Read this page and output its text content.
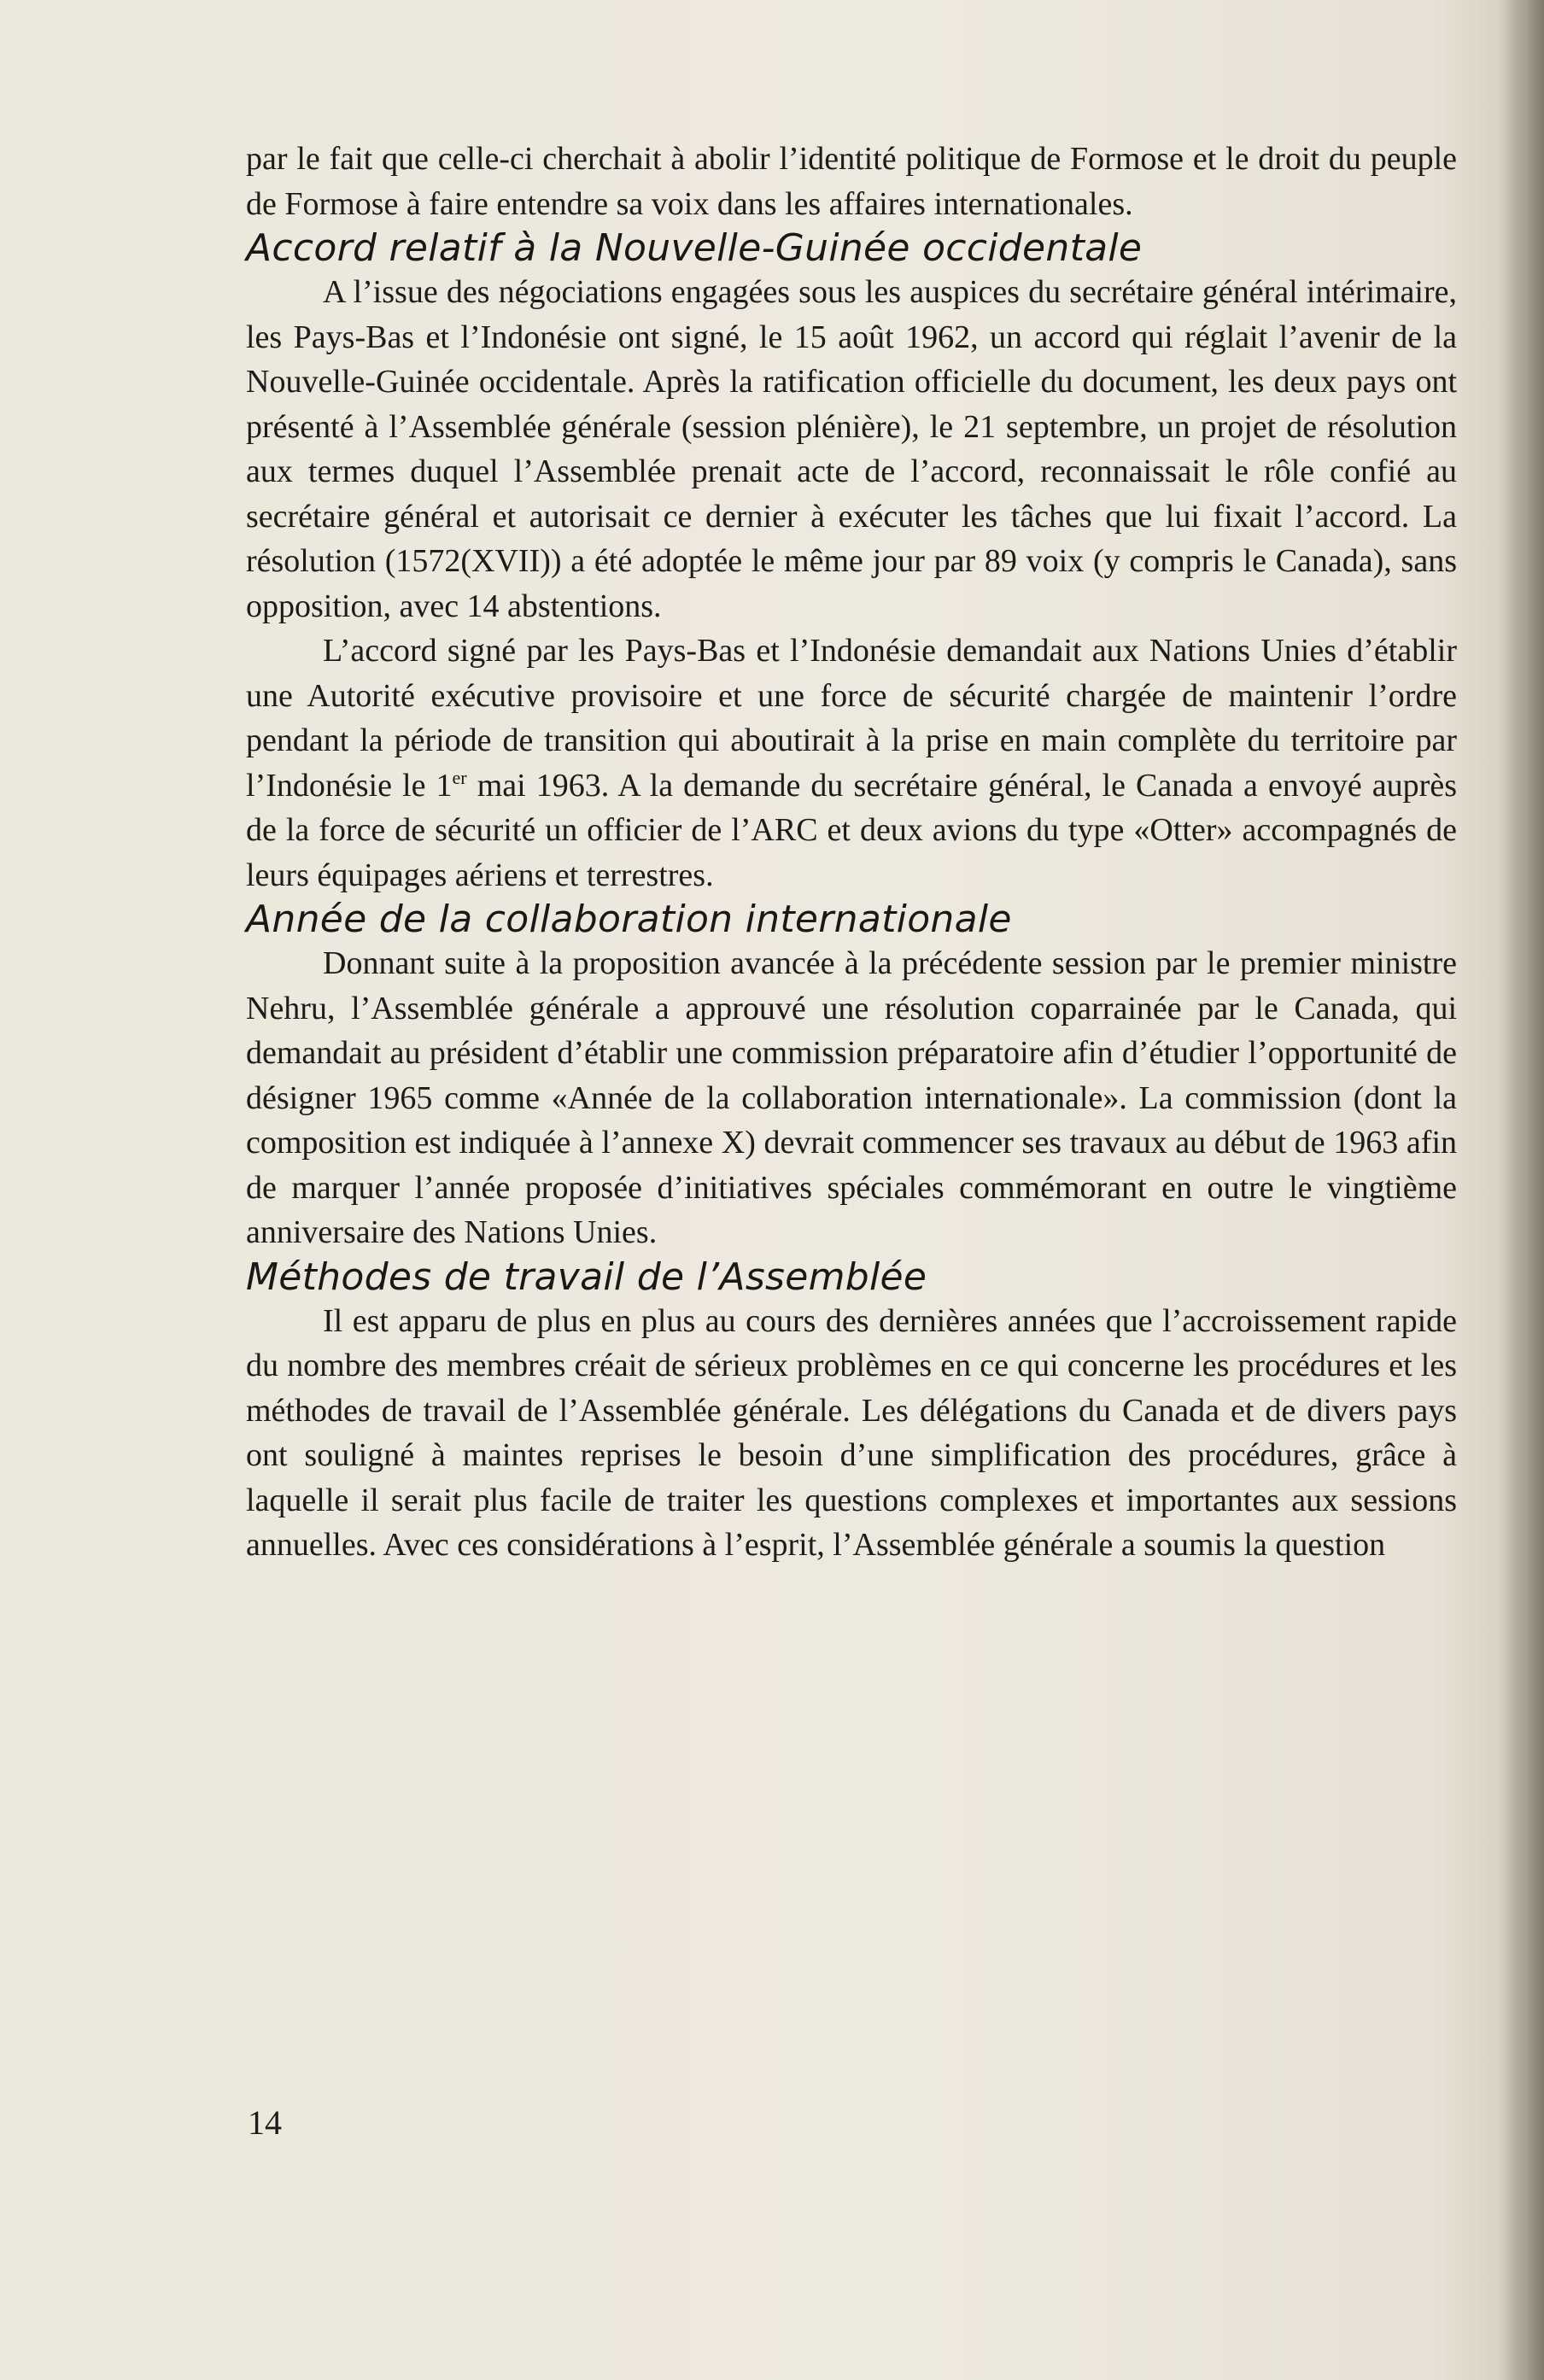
par le fait que celle-ci cherchait à abolir l’identité politique de Formose et le droit du peuple de Formose à faire entendre sa voix dans les affaires internationales.

Accord relatif à la Nouvelle-Guinée occidentale

A l’issue des négociations engagées sous les auspices du secrétaire général intérimaire, les Pays-Bas et l’Indonésie ont signé, le 15 août 1962, un accord qui réglait l’avenir de la Nouvelle-Guinée occidentale. Après la ratification officielle du document, les deux pays ont présenté à l’Assemblée générale (session plénière), le 21 septembre, un projet de résolution aux termes duquel l’Assemblée prenait acte de l’accord, reconnaissait le rôle confié au secrétaire général et autorisait ce dernier à exécuter les tâches que lui fixait l’accord. La résolution (1572(XVII)) a été adoptée le même jour par 89 voix (y compris le Canada), sans opposition, avec 14 abstentions.

L’accord signé par les Pays-Bas et l’Indonésie demandait aux Nations Unies d’établir une Autorité exécutive provisoire et une force de sécurité chargée de maintenir l’ordre pendant la période de transition qui aboutirait à la prise en main complète du territoire par l’Indonésie le 1er mai 1963. A la demande du secrétaire général, le Canada a envoyé auprès de la force de sécurité un officier de l’ARC et deux avions du type «Otter» accompagnés de leurs équipages aériens et terrestres.

Année de la collaboration internationale

Donnant suite à la proposition avancée à la précédente session par le premier ministre Nehru, l’Assemblée générale a approuvé une résolution coparrainée par le Canada, qui demandait au président d’établir une commission préparatoire afin d’étudier l’opportunité de désigner 1965 comme «Année de la collaboration internationale». La commission (dont la composition est indiquée à l’annexe X) devrait commencer ses travaux au début de 1963 afin de marquer l’année proposée d’initiatives spéciales commémorant en outre le vingtième anniversaire des Nations Unies.

Méthodes de travail de l’Assemblée

Il est apparu de plus en plus au cours des dernières années que l’accroissement rapide du nombre des membres créait de sérieux problèmes en ce qui concerne les procédures et les méthodes de travail de l’Assemblée générale. Les délégations du Canada et de divers pays ont souligné à maintes reprises le besoin d’une simplification des procédures, grâce à laquelle il serait plus facile de traiter les questions complexes et importantes aux sessions annuelles. Avec ces considérations à l’esprit, l’Assemblée générale a soumis la question

14
